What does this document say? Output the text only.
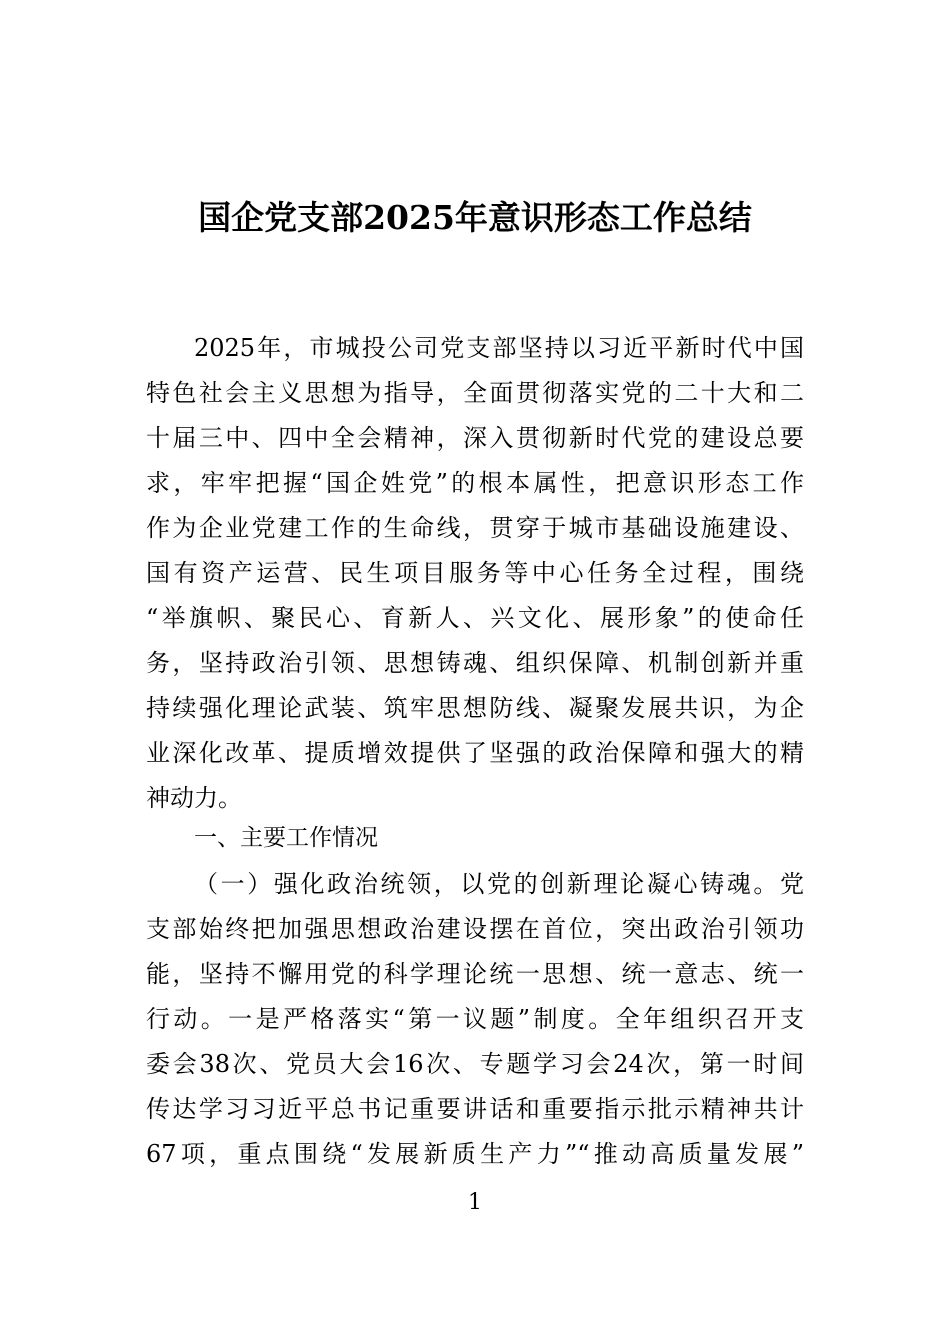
国企党支部2025年意识形态工作总结
2025年，市城投公司党支部坚持以习近平新时代中国
特色社会主义思想为指导，全面贯彻落实党的二十大和二
十届三中、四中全会精神，深入贯彻新时代党的建设总要
求，牢牢把握“国企姓党”的根本属性，把意识形态工作
作为企业党建工作的生命线，贯穿于城市基础设施建设、
国有资产运营、民生项目服务等中心任务全过程，围绕
“举旗帜、聚民心、育新人、兴文化、展形象”的使命任
务，坚持政治引领、思想铸魂、组织保障、机制创新并重
持续强化理论武装、筑牢思想防线、凝聚发展共识，为企
业深化改革、提质增效提供了坚强的政治保障和强大的精
神动力。
一、主要工作情况
（一）强化政治统领，以党的创新理论凝心铸魂。党
支部始终把加强思想政治建设摆在首位，突出政治引领功
能，坚持不懈用党的科学理论统一思想、统一意志、统一
行动。一是严格落实“第一议题”制度。全年组织召开支
委会38次、党员大会16次、专题学习会24次，第一时间
传达学习习近平总书记重要讲话和重要指示批示精神共计
67项，重点围绕“发展新质生产力”“推动高质量发展”
1
